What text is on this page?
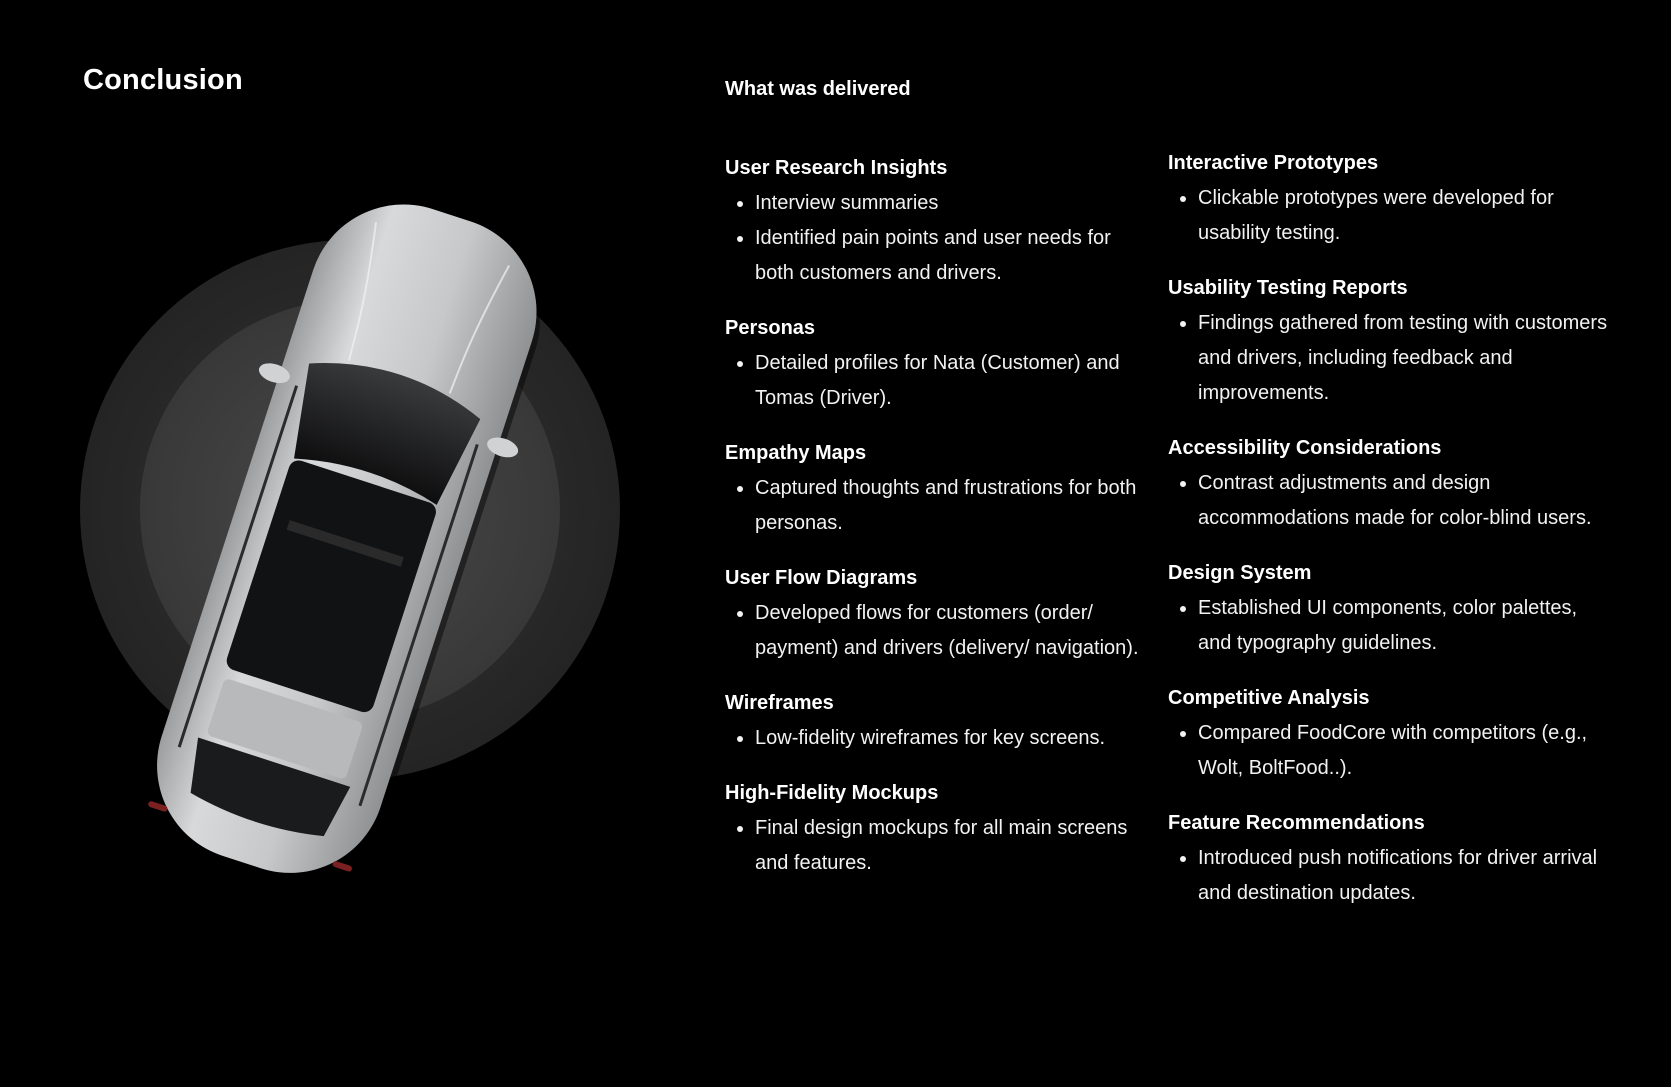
Conclusion	What was delivered
User Research Insights
Interview summaries
Identified pain points and user needs for both customers and drivers.
Personas
Detailed profiles for Nata (Customer) and Tomas (Driver).
Empathy Maps
Captured thoughts and frustrations for both personas.
User Flow Diagrams
Developed flows for customers (order/ payment) and drivers (delivery/ navigation).
Wireframes
Low-fidelity wireframes for key screens.
High-Fidelity Mockups
Final design mockups for all main screens and features.
Interactive Prototypes
Clickable prototypes were developed for usability testing.
Usability Testing Reports
Findings gathered from testing with customers and drivers, including feedback and improvements.
Accessibility Considerations
Contrast adjustments and design accommodations made for color-blind users.
Design System
Established UI components, color palettes, and typography guidelines.
Competitive Analysis
Compared FoodCore with competitors (e.g., Wolt, BoltFood..).
Feature Recommendations
Introduced push notifications for driver arrival and destination updates.
